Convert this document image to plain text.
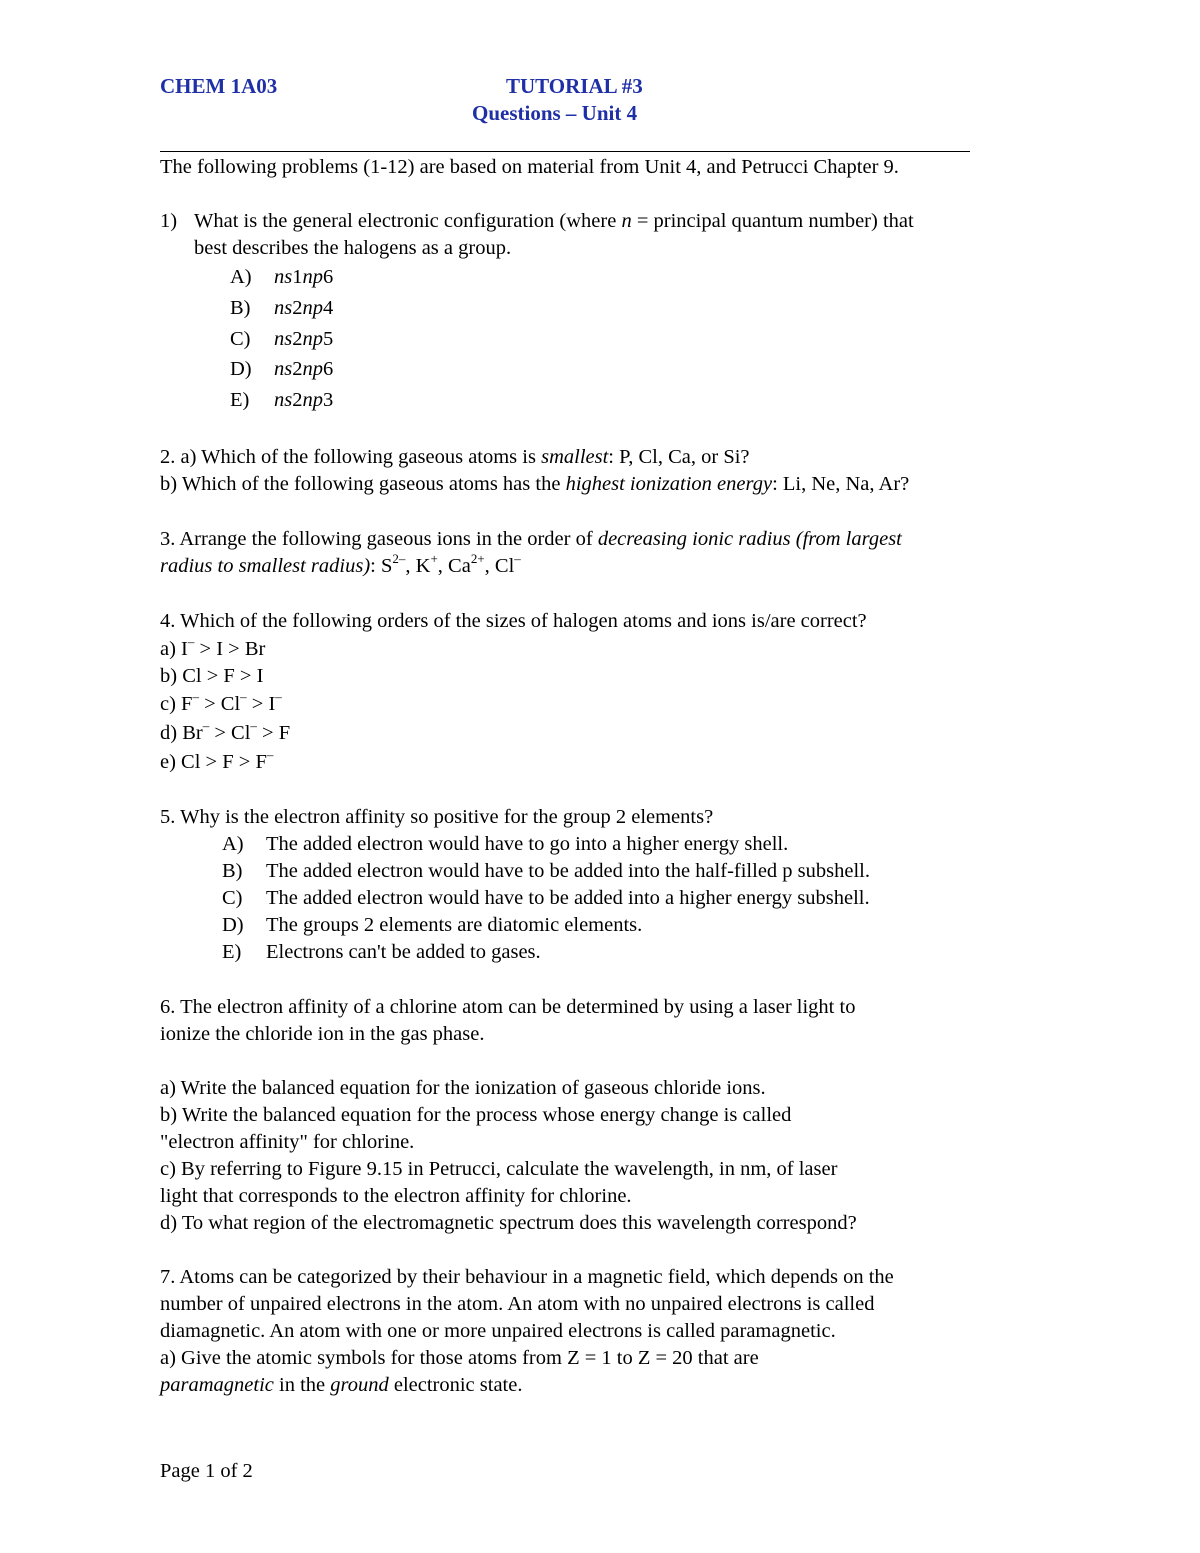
CHEM 1A03	TUTORIAL #3
Questions – Unit 4
The following problems (1-12) are based on material from Unit 4, and Petrucci Chapter 9.
1) What is the general electronic configuration (where n = principal quantum number) that
best describes the halogens as a group.
A) ns1np6
B) ns2np4
C) ns2np5
D) ns2np6
E) ns2np3
2. a) Which of the following gaseous atoms is smallest: P, Cl, Ca, or Si?
b) Which of the following gaseous atoms has the highest ionization energy: Li, Ne, Na, Ar?
3. Arrange the following gaseous ions in the order of decreasing ionic radius (from largest
radius to smallest radius): $S^{2-}$, K+, $Ca^{2+}$, Cl–
4. Which of the following orders of the sizes of halogen atoms and ions is/are correct?
a) I– > I > Br
b) Cl > F > I
c) F– > Cl– > I–
d) Br– > Cl– > F
e) Cl > F > F–
5. Why is the electron affinity so positive for the group 2 elements?
A) The added electron would have to go into a higher energy shell.
B) The added electron would have to be added into the half-filled p subshell.
C) The added electron would have to be added into a higher energy subshell.
D) The groups 2 elements are diatomic elements.
E) Electrons can't be added to gases.
6. The electron affinity of a chlorine atom can be determined by using a laser light to
ionize the chloride ion in the gas phase.
a) Write the balanced equation for the ionization of gaseous chloride ions.
b) Write the balanced equation for the process whose energy change is called
"electron affinity" for chlorine.
c) By referring to Figure 9.15 in Petrucci, calculate the wavelength, in nm, of laser
light that corresponds to the electron affinity for chlorine.
d) To what region of the electromagnetic spectrum does this wavelength correspond?
7. Atoms can be categorized by their behaviour in a magnetic field, which depends on the
number of unpaired electrons in the atom. An atom with no unpaired electrons is called
diamagnetic. An atom with one or more unpaired electrons is called paramagnetic.
a) Give the atomic symbols for those atoms from Z = 1 to Z = 20 that are
paramagnetic in the ground electronic state.
Page 1 of 2
